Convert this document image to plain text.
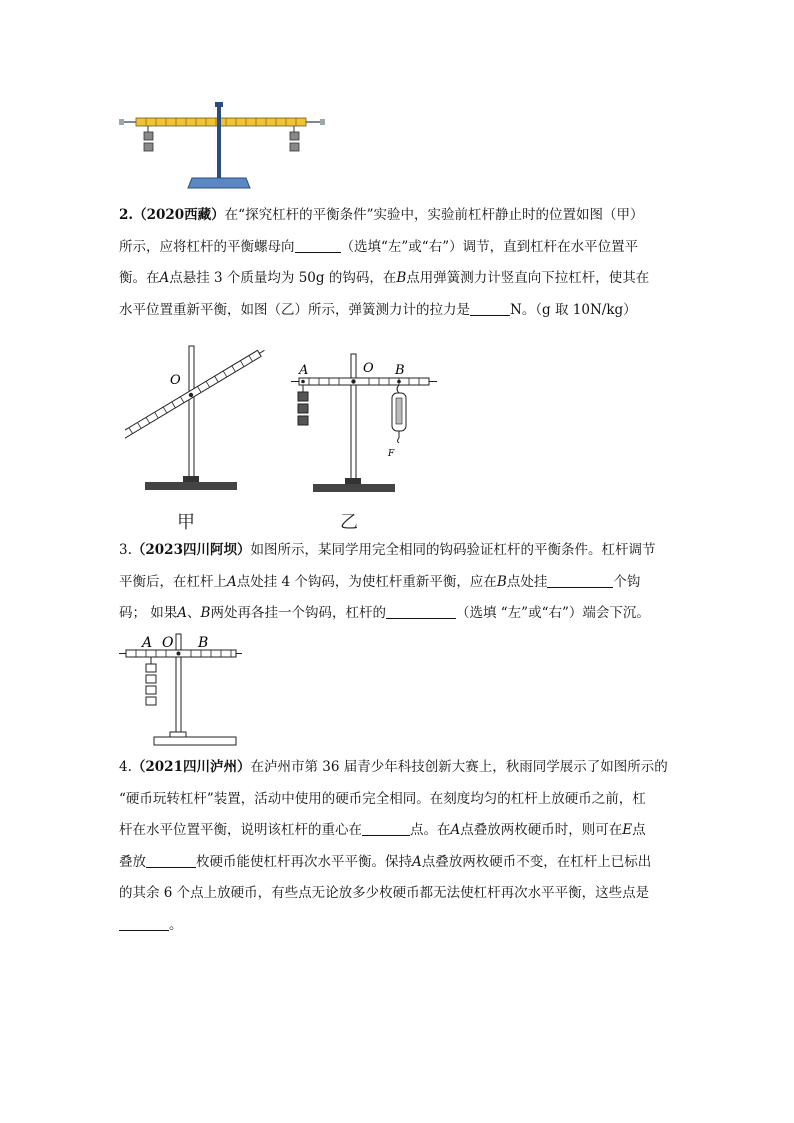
2.（2020西藏）在“探究杠杆的平衡条件”实验中，实验前杠杆静止时的位置如图（甲）
所示，应将杠杆的平衡螺母向	（选填“左”或“右”）调节，直到杠杆在水平位置平
衡。在A点悬挂 3 个质量均为 50g 的钩码，在B点用弹簧测力计竖直向下拉杠杆，使其在
水平位置重新平衡，如图（乙）所示，弹簧测力计的拉力是	N。（g 取 10N/kg）
O
甲
A	O B
F
乙
3.（2023四川阿坝）如图所示，某同学用完全相同的钩码验证杠杆的平衡条件。杠杆调节
平衡后，在杠杆上A点处挂 4 个钩码，为使杠杆重新平衡，应在B点处挂	个钩
码； 如果A、B两处再各挂一个钩码，杠杆的	（选填 “左”或“右”）端会下沉。
A O B
4.（2021四川泸州）在泸州市第 36 届青少年科技创新大赛上，秋雨同学展示了如图所示的
“硬币玩转杠杆”装置，活动中使用的硬币完全相同。在刻度均匀的杠杆上放硬币之前，杠
杆在水平位置平衡，说明该杠杆的重心在	点。在A点叠放两枚硬币时，则可在E点
叠放	枚硬币能使杠杆再次水平平衡。保持A点叠放两枚硬币不变，在杠杆上已标出
的其余 6 个点上放硬币，有些点无论放多少枚硬币都无法使杠杆再次水平平衡，这些点是
。
